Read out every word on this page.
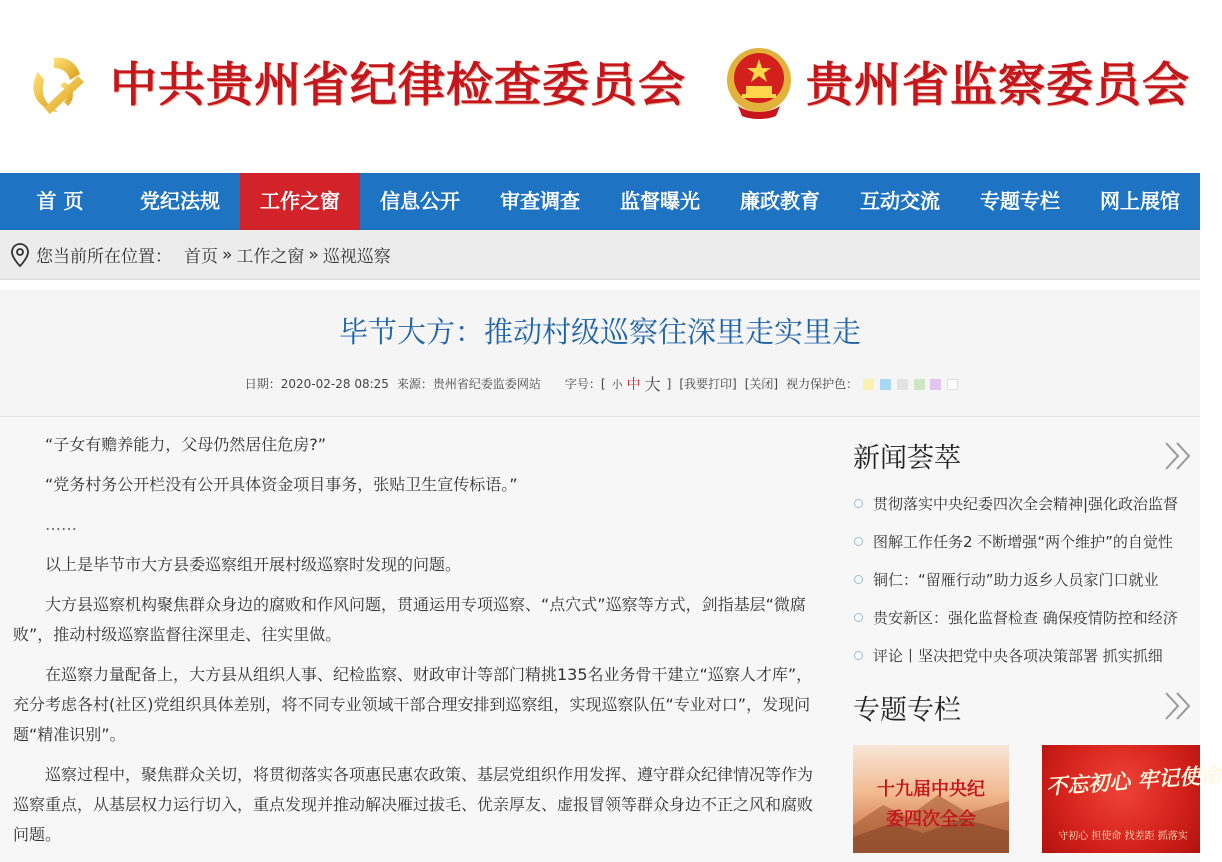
中共贵州省纪律检查委员会	贵州省监察委员会
首 页	党纪法规	工作之窗	信息公开	审查调查	监督曝光	廉政教育	互动交流	专题专栏	网上展馆
您当前所在位置： 首页 » 工作之窗 » 巡视巡察
毕节大方：推动村级巡察往深里走实里走
日期：2020-02-28 08:25 来源：贵州省纪委监委网站 字号：[ 小 中 大 ] [我要打印] [关闭] 视力保护色：

“子女有赡养能力，父母仍然居住危房?”

“党务村务公开栏没有公开具体资金项目事务，张贴卫生宣传标语。”

……

以上是毕节市大方县委巡察组开展村级巡察时发现的问题。

大方县巡察机构聚焦群众身边的腐败和作风问题，贯通运用专项巡察、“点穴式”巡察等方式，剑指基层“微腐败”，推动村级巡察监督往深里走、往实里做。

在巡察力量配备上，大方县从组织人事、纪检监察、财政审计等部门精挑135名业务骨干建立“巡察人才库”，充分考虑各村(社区)党组织具体差别，将不同专业领域干部合理安排到巡察组，实现巡察队伍“专业对口”，发现问题“精准识别”。

巡察过程中，聚焦群众关切，将贯彻落实各项惠民惠农政策、基层党组织作用发挥、遵守群众纪律情况等作为巡察重点，从基层权力运行切入，重点发现并推动解决雁过拔毛、优亲厚友、虚报冒领等群众身边不正之风和腐败问题。

新闻荟萃
贯彻落实中央纪委四次全会精神|强化政治监督
图解工作任务2 不断增强“两个维护”的自觉性
铜仁：“留雁行动”助力返乡人员家门口就业
贵安新区：强化监督检查 确保疫情防控和经济
评论丨坚决把党中央各项决策部署 抓实抓细
专题专栏
十九届中央纪委四次全会
不忘初心 牢记使命
守初心 担使命 找差距 抓落实
